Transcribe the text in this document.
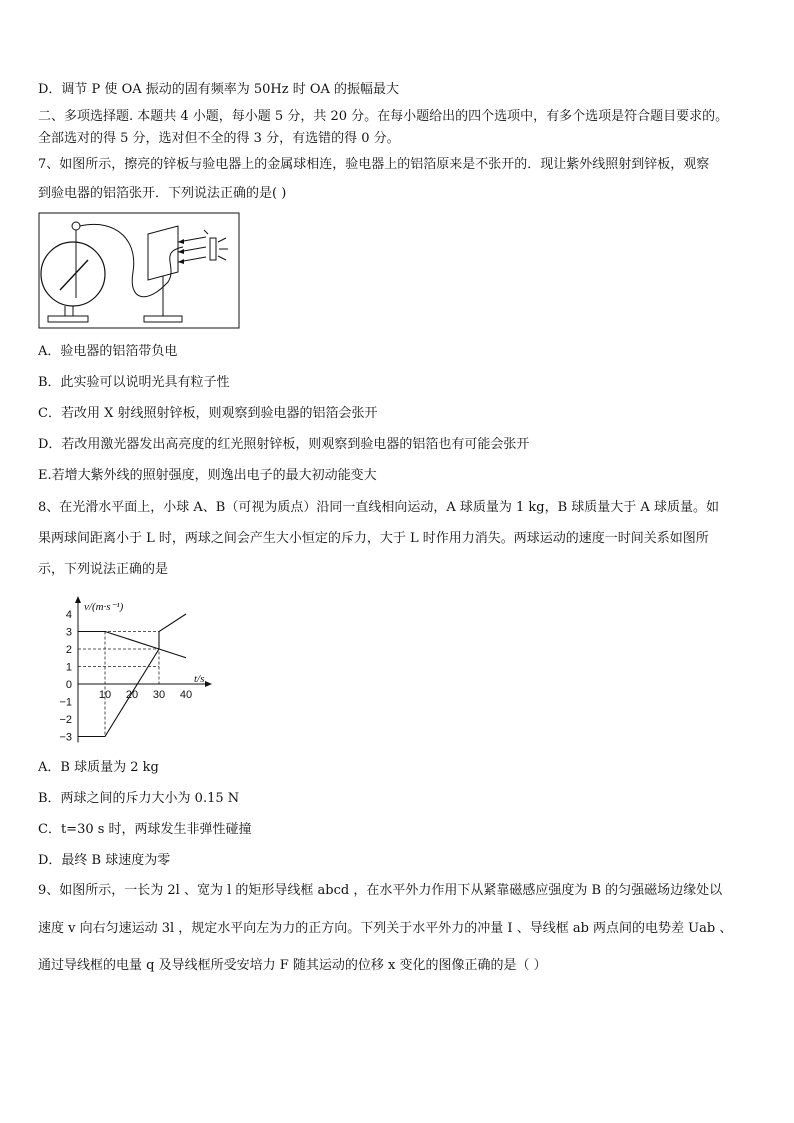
D．调节 P 使 OA 振动的固有频率为 50Hz 时 OA 的振幅最大
二、多项选择题. 本题共 4 小题，每小题 5 分，共 20 分。在每小题给出的四个选项中，有多个选项是符合题目要求的。
全部选对的得 5 分，选对但不全的得 3 分，有选错的得 0 分。
7、如图所示，擦亮的锌板与验电器上的金属球相连，验电器上的铝箔原来是不张开的．现让紫外线照射到锌板，观察
到验电器的铝箔张开．下列说法正确的是( )
A．验电器的铝箔带负电
B．此实验可以说明光具有粒子性
C．若改用 X 射线照射锌板，则观察到验电器的铝箔会张开
D．若改用激光器发出高亮度的红光照射锌板，则观察到验电器的铝箔也有可能会张开
E.若增大紫外线的照射强度，则逸出电子的最大初动能变大
8、在光滑水平面上，小球 A、B（可视为质点）沿同一直线相向运动，A 球质量为 1 kg，B 球质量大于 A 球质量。如
果两球间距离小于 L 时，两球之间会产生大小恒定的斥力，大于 L 时作用力消失。两球运动的速度一时间关系如图所
示，下列说法正确的是
4
3
2
1
0
−1
−2
−3
10 20 30 40
v/(m·s⁻¹)
t/s
A．B 球质量为 2 kg
B．两球之间的斥力大小为 0.15 N
C．t=30 s 时，两球发生非弹性碰撞
D．最终 B 球速度为零
9、如图所示，一长为 2l 、宽为 l 的矩形导线框 abcd ，在水平外力作用下从紧靠磁感应强度为 B 的匀强磁场边缘处以
速度 v 向右匀速运动 3l ，规定水平向左为力的正方向。下列关于水平外力的冲量 I 、导线框 ab 两点间的电势差 Uab 、
通过导线框的电量 q 及导线框所受安培力 F 随其运动的位移 x 变化的图像正确的是（ ）
